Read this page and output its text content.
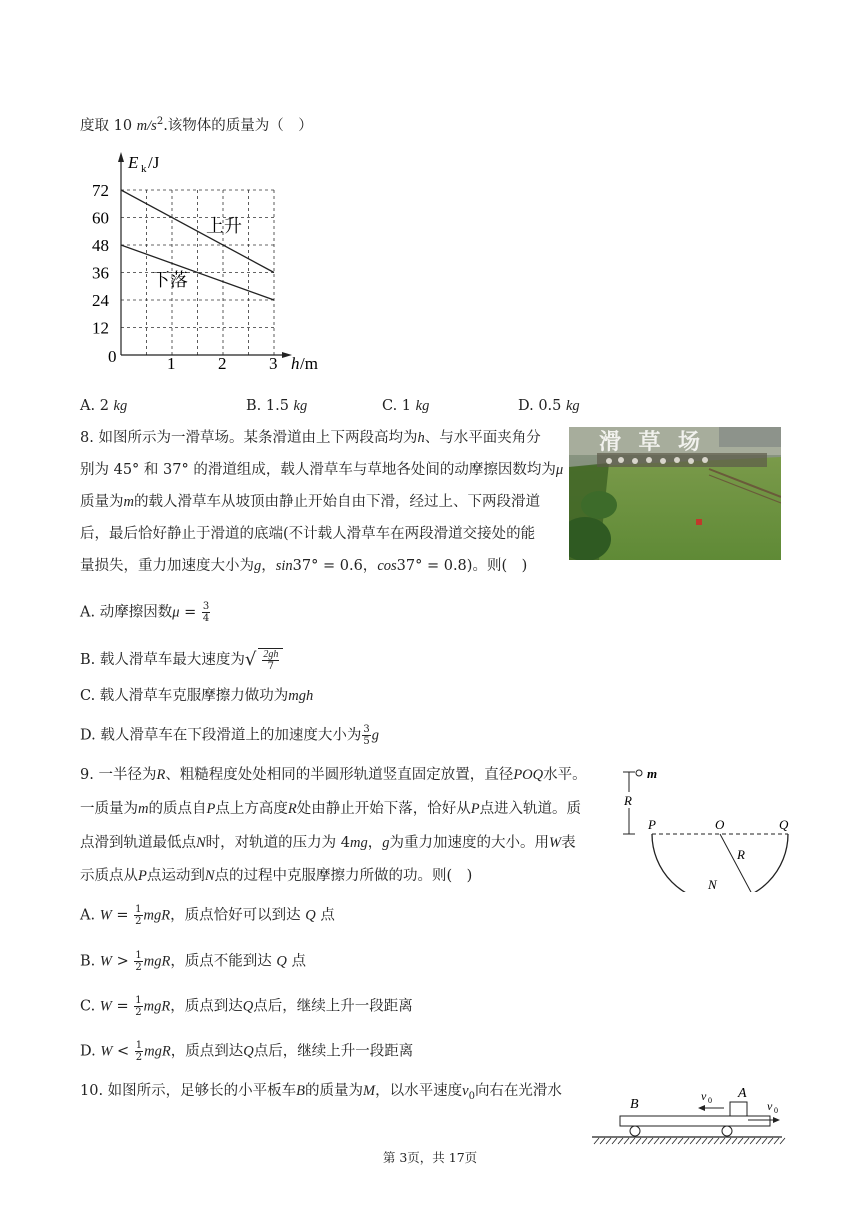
度取 10 $m/s^2$.该物体的质量为（　）
E k /J
h /m
0
72
60
48
36
24
12
1	2	3
上升
下落
A. 2 kg	B. 1.5 kg	C. 1 kg	D. 0.5 kg
8. 如图所示为一滑草场。某条滑道由上下两段高均为h、与水平面夹角分
别为 45° 和 37° 的滑道组成，载人滑草车与草地各处间的动摩擦因数均为μ
质量为m的载人滑草车从坡顶由静止开始自由下滑，经过上、下两段滑道
后，最后恰好静止于滑道的底端(不计载人滑草车在两段滑道交接处的能
量损失，重力加速度大小为g，sin37° = 0.6，cos37° = 0.8)。则(　)
滑 草 场
A. 动摩擦因数$\mu = \frac{3}{4}$
B. 载人滑草车最大速度为√ $\frac{2gh}{7}$
C. 载人滑草车克服摩擦力做功为mgh
D. 载人滑草车在下段滑道上的加速度大小为 $\frac{3}{5}$ g
9. 一半径为R、粗糙程度处处相同的半圆形轨道竖直固定放置，直径POQ水平。
一质量为m的质点自P点上方高度R处由静止开始下落，恰好从P点进入轨道。质
点滑到轨道最低点N时，对轨道的压力为 4mg，g为重力加速度的大小。用W表
示质点从P点运动到N点的过程中克服摩擦力所做的功。则(　)
m
R
P	O	Q
R
N
A. $W = \frac{1}{2}$ mgR，质点恰好可以到达 Q 点
B. $W > \frac{1}{2}$ mgR，质点不能到达 Q 点
C. $W = \frac{1}{2}$ mgR，质点到达Q点后，继续上升一段距离
D. $W < \frac{1}{2}$ mgR，质点到达Q点后，继续上升一段距离
10. 如图所示，足够长的小平板车B的质量为M，以水平速度$v_0$向右在光滑水
B
A
v 0	v 0
第 3页，共 17页
